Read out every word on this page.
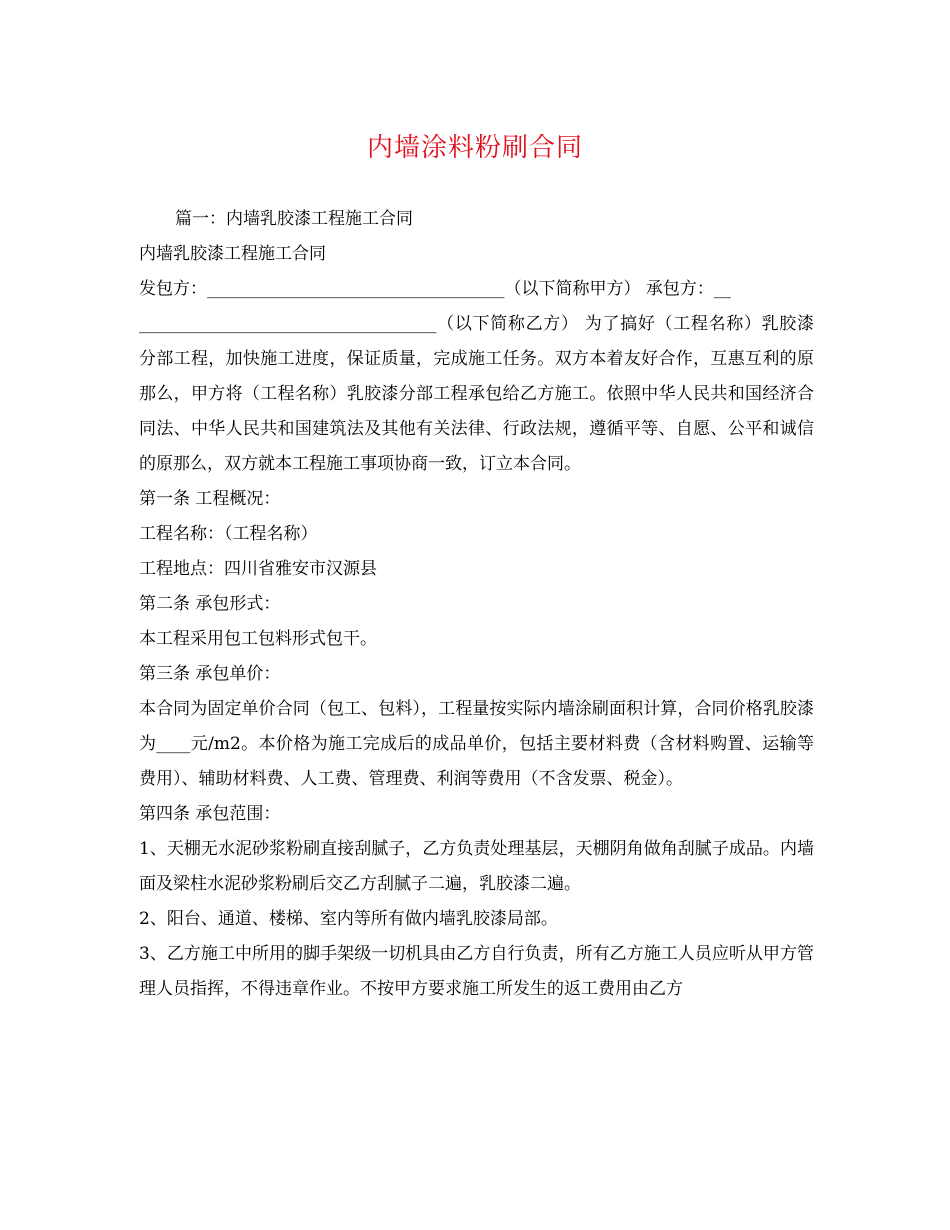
内墙涂料粉刷合同

篇一：内墙乳胶漆工程施工合同

内墙乳胶漆工程施工合同

发包方：___________________________________（以下简称甲方） 承包方：__

___________________________________（以下简称乙方） 为了搞好（工程名称）乳胶漆分部工程，加快施工进度，保证质量，完成施工任务。双方本着友好合作，互惠互利的原那么，甲方将（工程名称）乳胶漆分部工程承包给乙方施工。依照中华人民共和国经济合同法、中华人民共和国建筑法及其他有关法律、行政法规，遵循平等、自愿、公平和诚信的原那么，双方就本工程施工事项协商一致，订立本合同。

第一条 工程概况：

工程名称：（工程名称）

工程地点：四川省雅安市汉源县

第二条 承包形式：

本工程采用包工包料形式包干。

第三条 承包单价：

本合同为固定单价合同（包工、包料），工程量按实际内墙涂刷面积计算，合同价格乳胶漆为____元/m2。本价格为施工完成后的成品单价，包括主要材料费（含材料购置、运输等费用）、辅助材料费、人工费、管理费、利润等费用（不含发票、税金）。

第四条 承包范围：

1、天棚无水泥砂浆粉刷直接刮腻子，乙方负责处理基层，天棚阴角做角刮腻子成品。内墙面及梁柱水泥砂浆粉刷后交乙方刮腻子二遍，乳胶漆二遍。

2、阳台、通道、楼梯、室内等所有做内墙乳胶漆局部。

3、乙方施工中所用的脚手架级一切机具由乙方自行负责，所有乙方施工人员应听从甲方管理人员指挥，不得违章作业。不按甲方要求施工所发生的返工费用由乙方
